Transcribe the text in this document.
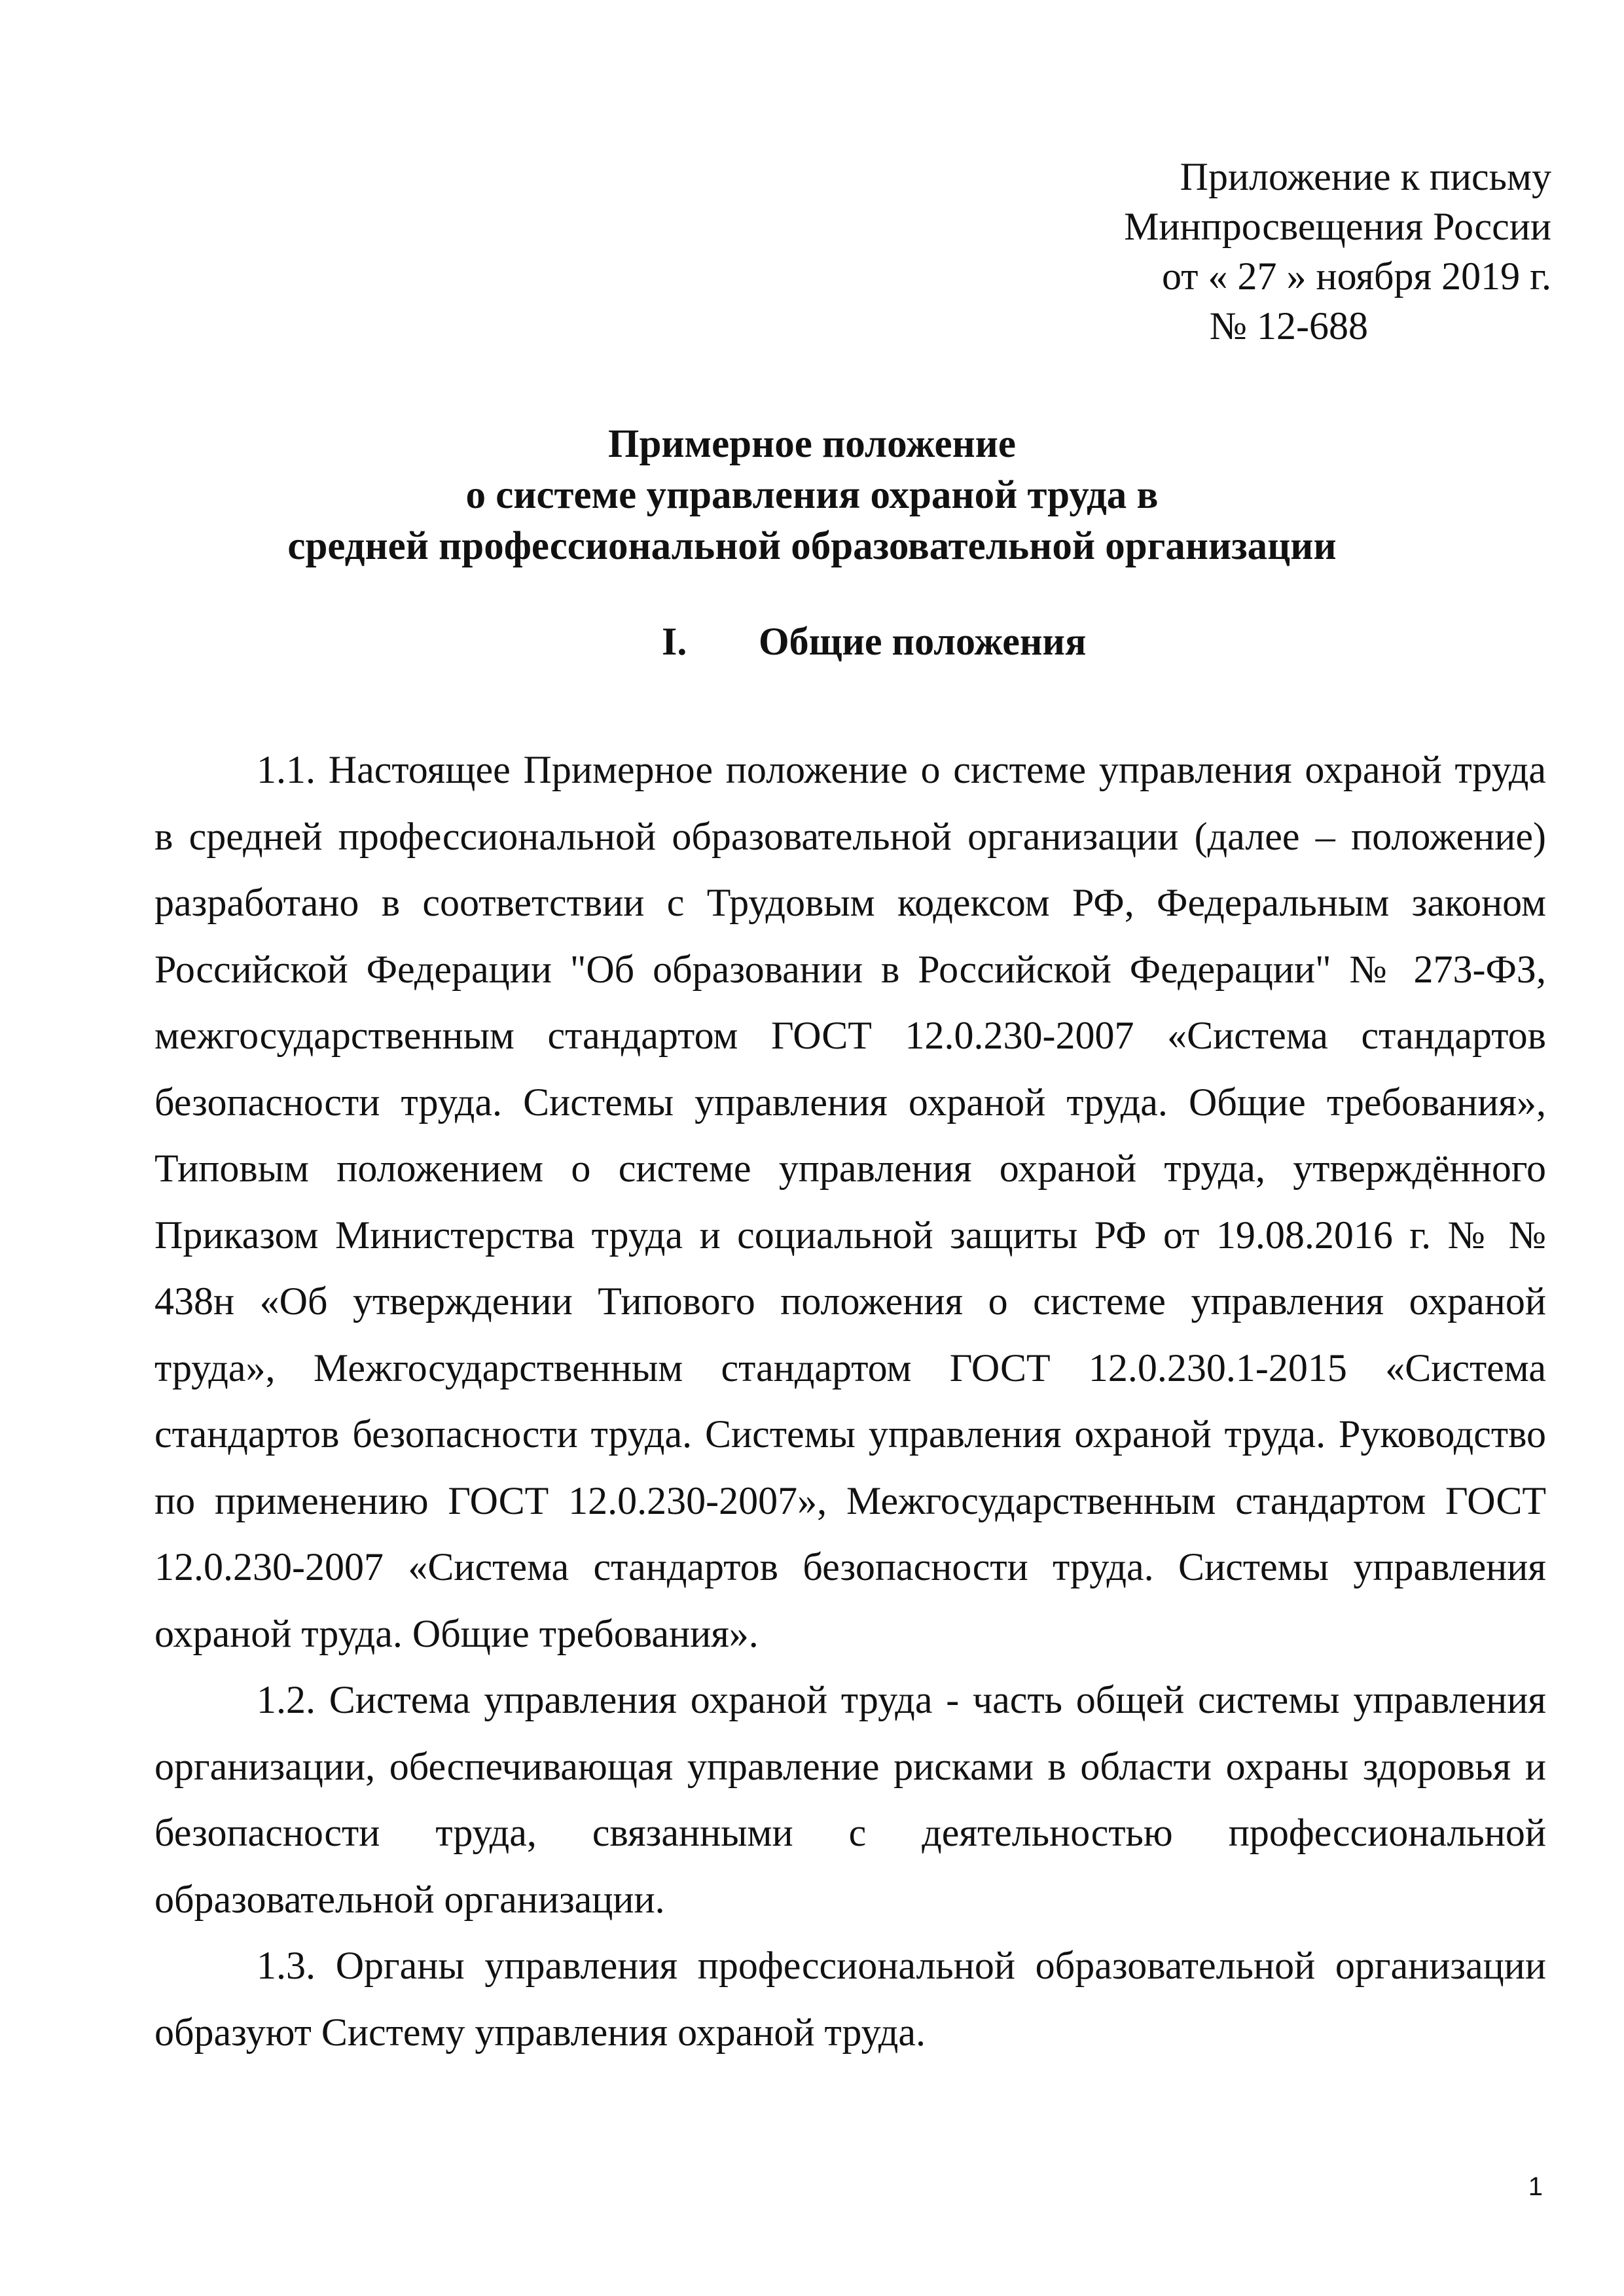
Приложение к письму
Минпросвещения России
от « 27 » ноября 2019 г.
№ 12-688
Примерное положение
о системе управления охраной труда в
средней профессиональной образовательной организации
I. Общие положения

1.1. Настоящее Примерное положение о системе управления охраной труда в средней профессиональной образовательной организации (далее – положение) разработано в соответствии с Трудовым кодексом РФ, Федеральным законом Российской Федерации "Об образовании в Российской Федерации" № 273-ФЗ, межгосударственным стандартом ГОСТ 12.0.230-2007 «Система стандартов безопасности труда. Системы управления охраной труда. Общие требования», Типовым положением о системе управления охраной труда, утверждённого Приказом Министерства труда и социальной защиты РФ от 19.08.2016 г. № № 438н «Об утверждении Типового положения о системе управления охраной труда», Межгосударственным стандартом ГОСТ 12.0.230.1-2015 «Система стандартов безопасности труда. Системы управления охраной труда. Руководство по применению ГОСТ 12.0.230-2007», Межгосударственным стандартом ГОСТ 12.0.230-2007 «Система стандартов безопасности труда. Системы управления охраной труда. Общие требования».

1.2. Система управления охраной труда - часть общей системы управления организации, обеспечивающая управление рисками в области охраны здоровья и безопасности труда, связанными с деятельностью профессиональной образовательной организации.

1.3. Органы управления профессиональной образовательной организации образуют Систему управления охраной труда.

1
